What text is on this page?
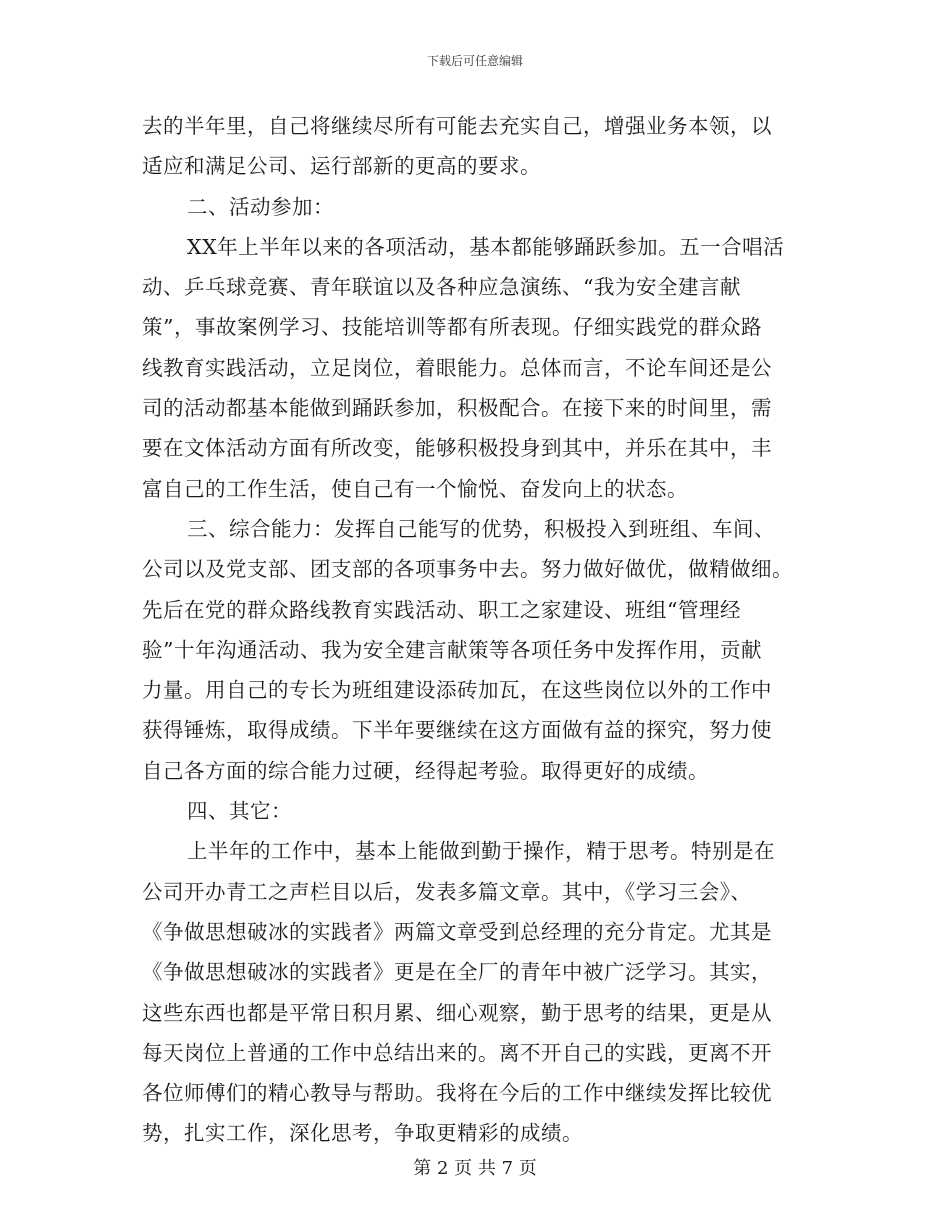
下载后可任意编辑
去的半年里，自己将继续尽所有可能去充实自己，增强业务本领，以
适应和满足公司、运行部新的更高的要求。
二、活动参加：
XX年上半年以来的各项活动，基本都能够踊跃参加。五一合唱活
动、乒乓球竞赛、青年联谊以及各种应急演练、“我为安全建言献
策”，事故案例学习、技能培训等都有所表现。仔细实践党的群众路
线教育实践活动，立足岗位，着眼能力。总体而言，不论车间还是公
司的活动都基本能做到踊跃参加，积极配合。在接下来的时间里，需
要在文体活动方面有所改变，能够积极投身到其中，并乐在其中，丰
富自己的工作生活，使自己有一个愉悦、奋发向上的状态。
三、综合能力：发挥自己能写的优势，积极投入到班组、车间、
公司以及党支部、团支部的各项事务中去。努力做好做优，做精做细。
先后在党的群众路线教育实践活动、职工之家建设、班组“管理经
验”十年沟通活动、我为安全建言献策等各项任务中发挥作用，贡献
力量。用自己的专长为班组建设添砖加瓦，在这些岗位以外的工作中
获得锤炼，取得成绩。下半年要继续在这方面做有益的探究，努力使
自己各方面的综合能力过硬，经得起考验。取得更好的成绩。
四、其它：
上半年的工作中，基本上能做到勤于操作，精于思考。特别是在
公司开办青工之声栏目以后，发表多篇文章。其中，《学习三会》、
《争做思想破冰的实践者》两篇文章受到总经理的充分肯定。尤其是
《争做思想破冰的实践者》更是在全厂的青年中被广泛学习。其实，
这些东西也都是平常日积月累、细心观察，勤于思考的结果，更是从
每天岗位上普通的工作中总结出来的。离不开自己的实践，更离不开
各位师傅们的精心教导与帮助。我将在今后的工作中继续发挥比较优
势，扎实工作，深化思考，争取更精彩的成绩。
第 2 页 共 7 页
